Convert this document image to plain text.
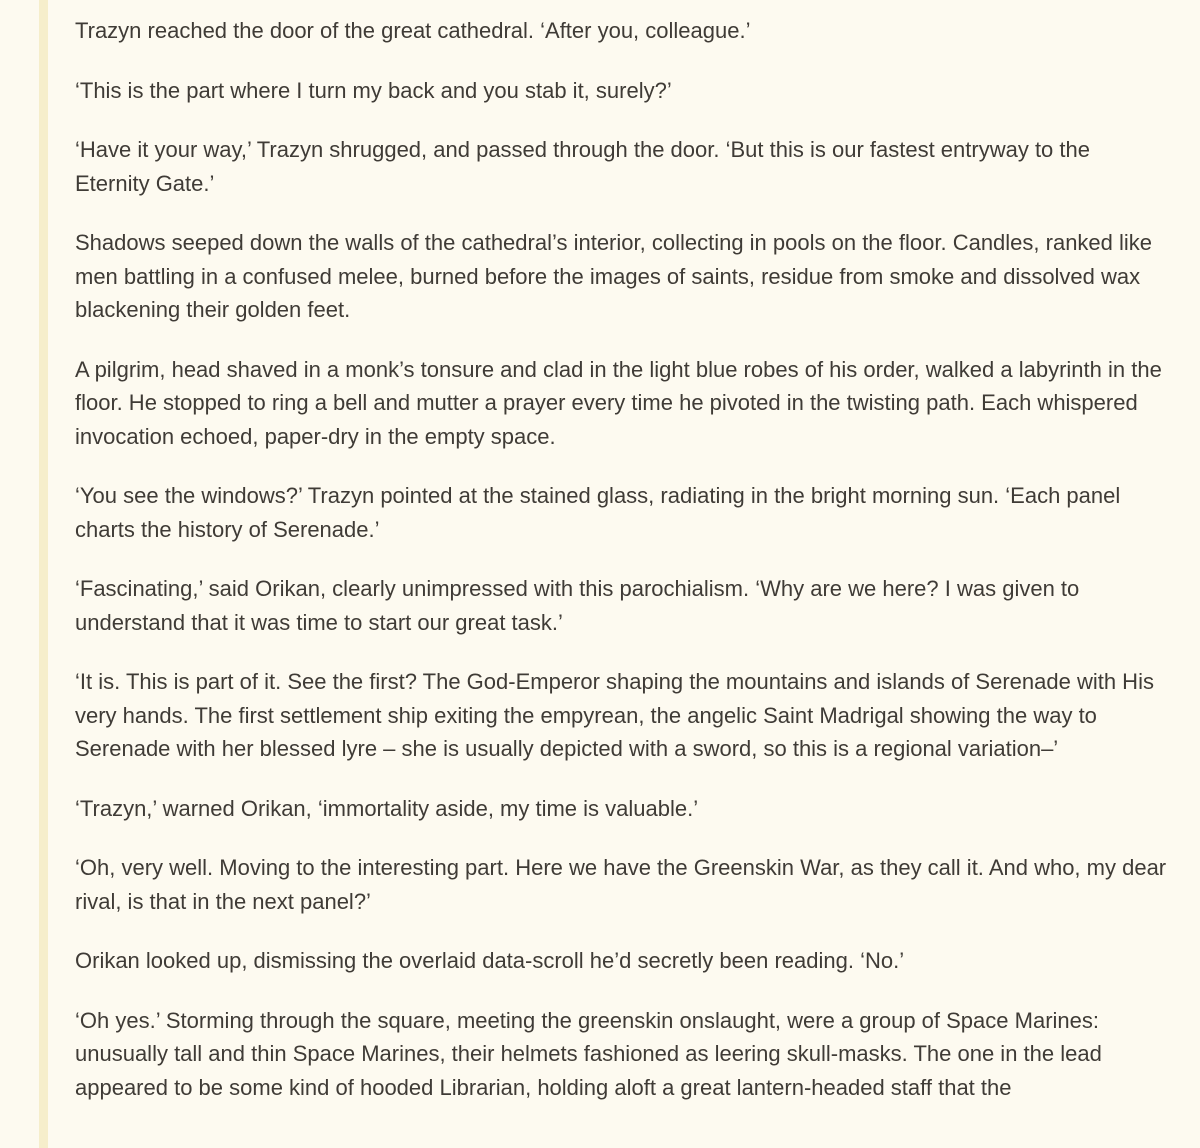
Trazyn reached the door of the great cathedral. ‘After you, colleague.’

‘This is the part where I turn my back and you stab it, surely?’

‘Have it your way,’ Trazyn shrugged, and passed through the door. ‘But this is our fastest entryway to the Eternity Gate.’

Shadows seeped down the walls of the cathedral’s interior, collecting in pools on the floor. Candles, ranked like men battling in a confused melee, burned before the images of saints, residue from smoke and dissolved wax blackening their golden feet.

A pilgrim, head shaved in a monk’s tonsure and clad in the light blue robes of his order, walked a labyrinth in the floor. He stopped to ring a bell and mutter a prayer every time he pivoted in the twisting path. Each whispered invocation echoed, paper-dry in the empty space.

‘You see the windows?’ Trazyn pointed at the stained glass, radiating in the bright morning sun. ‘Each panel charts the history of Serenade.’

‘Fascinating,’ said Orikan, clearly unimpressed with this parochialism. ‘Why are we here? I was given to understand that it was time to start our great task.’

‘It is. This is part of it. See the first? The God-Emperor shaping the mountains and islands of Serenade with His very hands. The first settlement ship exiting the empyrean, the angelic Saint Madrigal showing the way to Serenade with her blessed lyre – she is usually depicted with a sword, so this is a regional variation–’

‘Trazyn,’ warned Orikan, ‘immortality aside, my time is valuable.’

‘Oh, very well. Moving to the interesting part. Here we have the Greenskin War, as they call it. And who, my dear rival, is that in the next panel?’

Orikan looked up, dismissing the overlaid data-scroll he’d secretly been reading. ‘No.’

‘Oh yes.’ Storming through the square, meeting the greenskin onslaught, were a group of Space Marines: unusually tall and thin Space Marines, their helmets fashioned as leering skull-masks. The one in the lead appeared to be some kind of hooded Librarian, holding aloft a great lantern-headed staff that the
